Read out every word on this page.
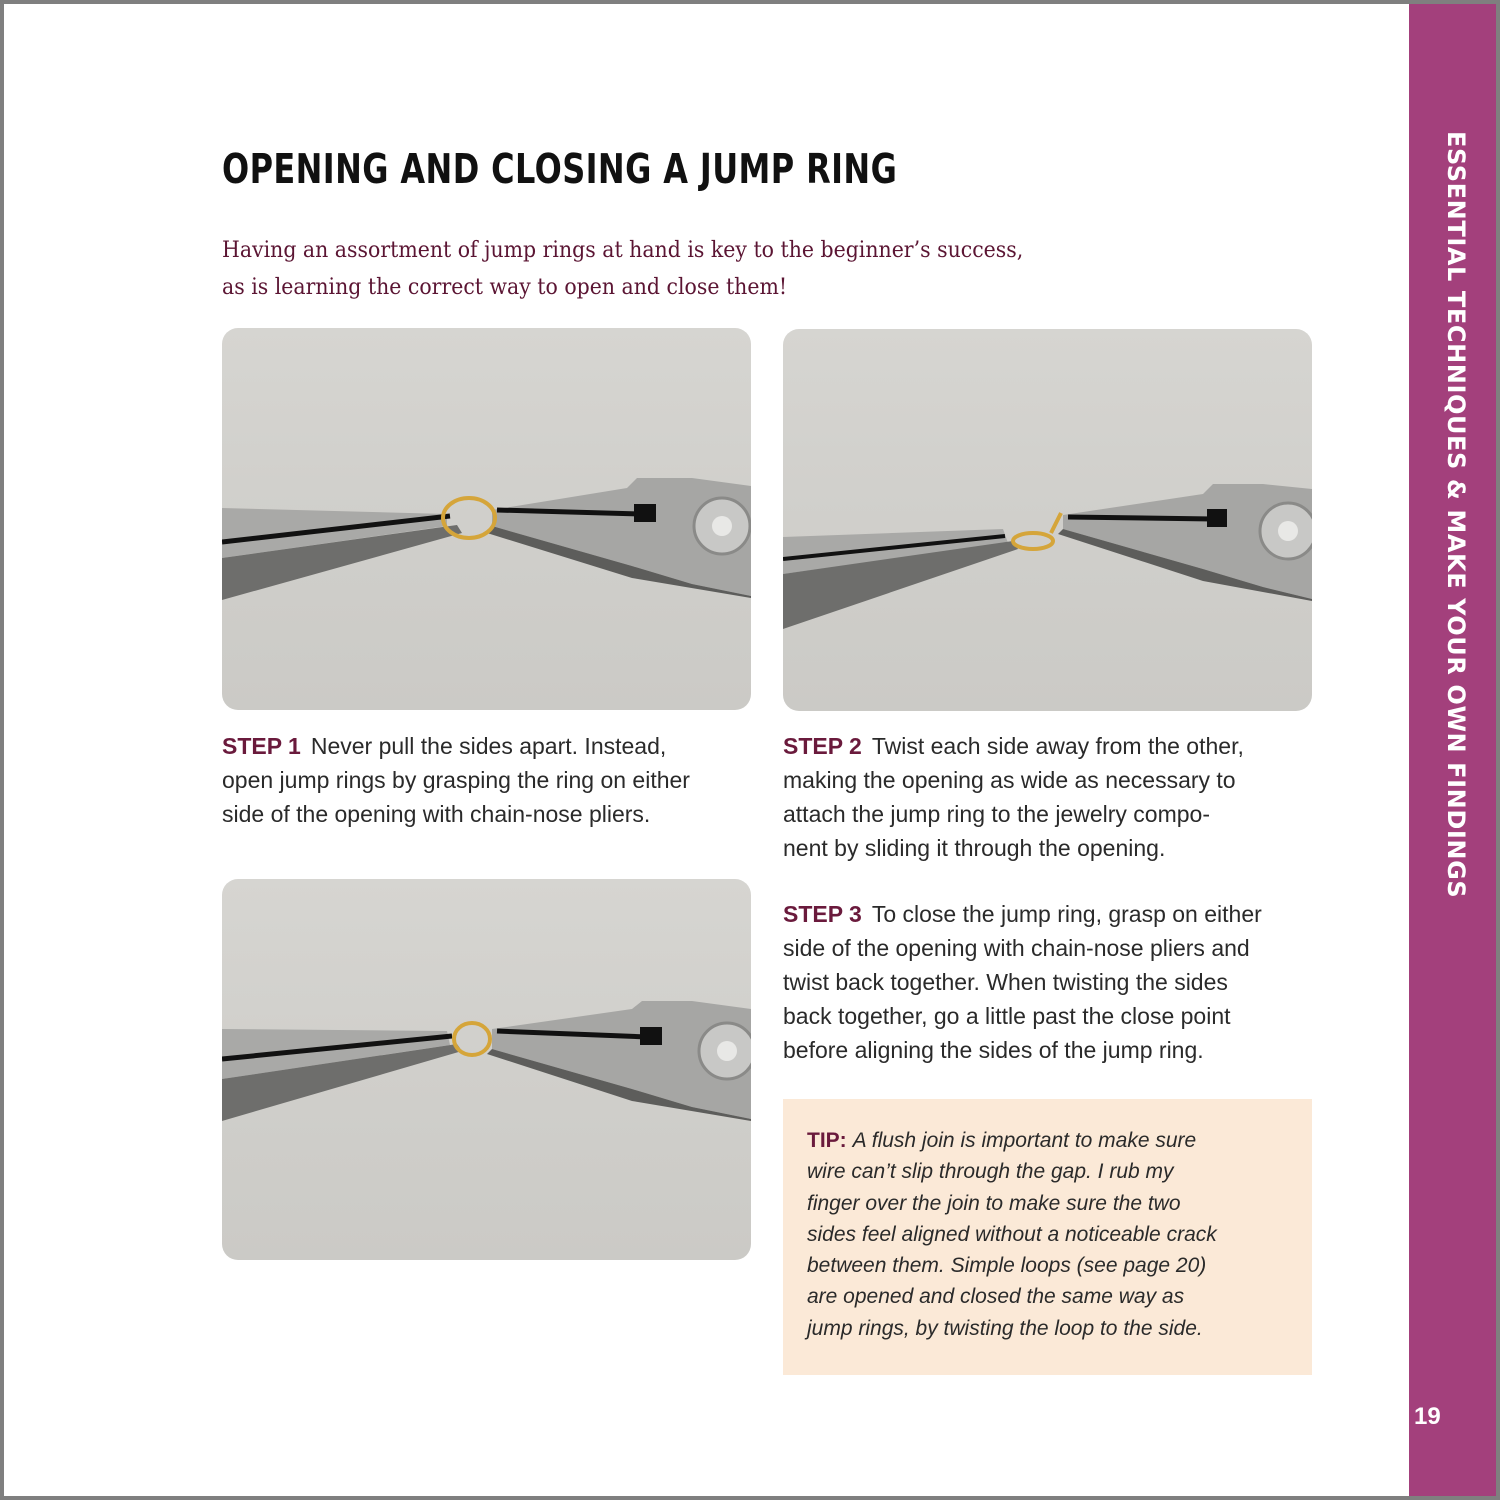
OPENING AND CLOSING A JUMP RING
Having an assortment of jump rings at hand is key to the beginner’s success,
as is learning the correct way to open and close them!
STEP 1 Never pull the sides apart. Instead,
open jump rings by grasping the ring on either
side of the opening with chain-nose pliers.
STEP 2 Twist each side away from the other,
making the opening as wide as necessary to
attach the jump ring to the jewelry compo-
nent by sliding it through the opening.
STEP 3 To close the jump ring, grasp on either
side of the opening with chain-nose pliers and
twist back together. When twisting the sides
back together, go a little past the close point
before aligning the sides of the jump ring.
TIP: A flush join is important to make sure
wire can’t slip through the gap. I rub my
finger over the join to make sure the two
sides feel aligned without a noticeable crack
between them. Simple loops (see page 20)
are opened and closed the same way as
jump rings, by twisting the loop to the side.
ESSENTIAL TECHNIQUES & MAKE YOUR OWN FINDINGS
19
